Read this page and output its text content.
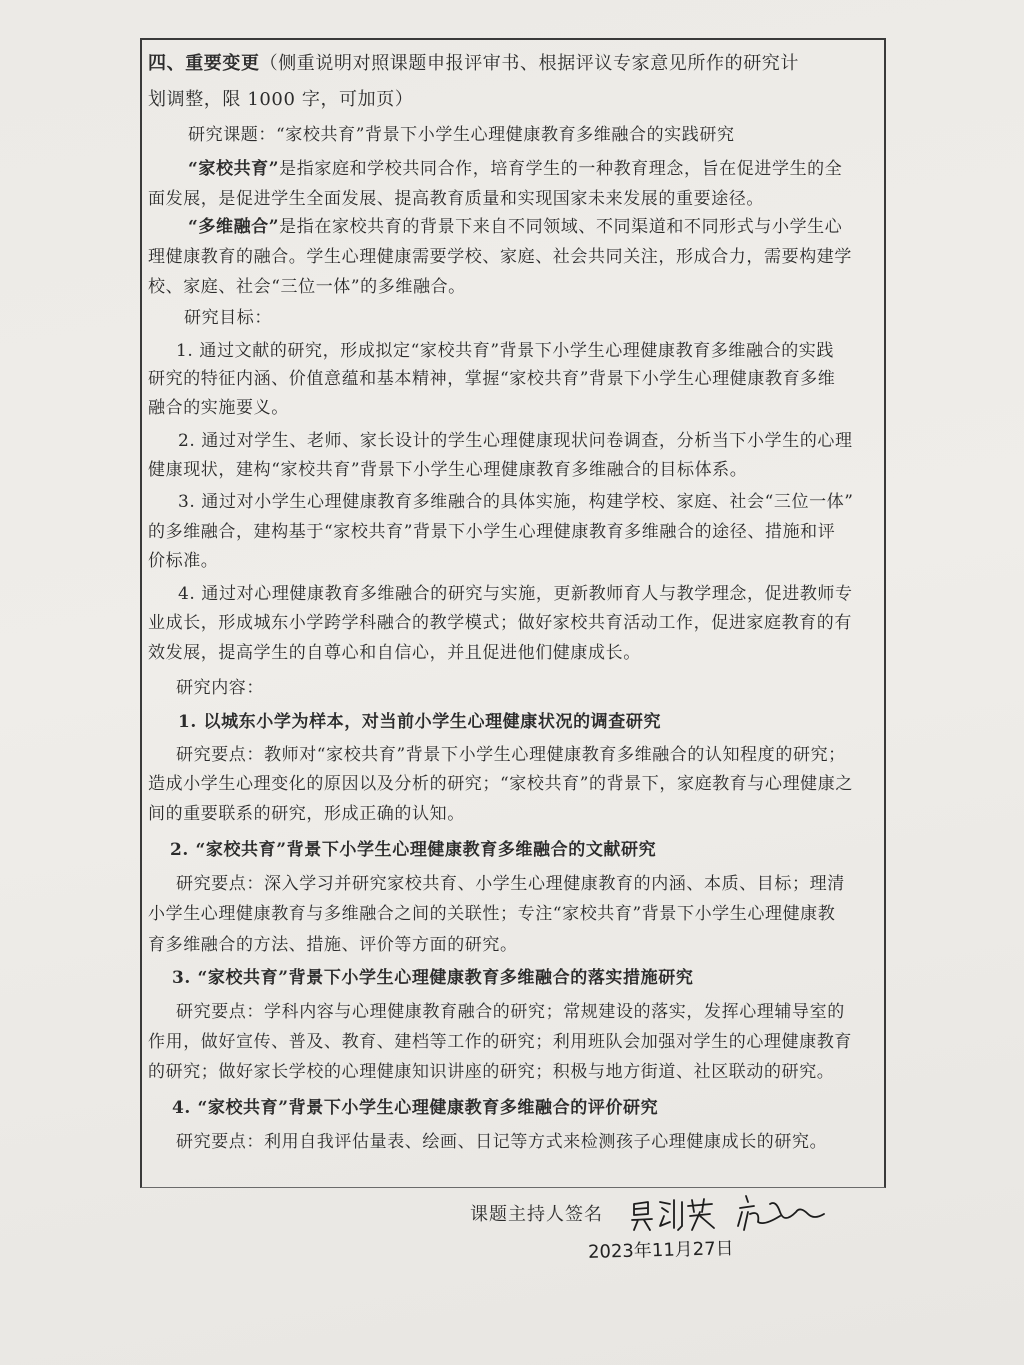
四、重要变更（侧重说明对照课题申报评审书、根据评议专家意见所作的研究计
划调整，限 1000 字，可加页）
研究课题：“家校共育”背景下小学生心理健康教育多维融合的实践研究
“家校共育”是指家庭和学校共同合作，培育学生的一种教育理念，旨在促进学生的全
面发展，是促进学生全面发展、提高教育质量和实现国家未来发展的重要途径。
“多维融合”是指在家校共育的背景下来自不同领域、不同渠道和不同形式与小学生心
理健康教育的融合。学生心理健康需要学校、家庭、社会共同关注，形成合力，需要构建学
校、家庭、社会“三位一体”的多维融合。
研究目标：
1. 通过文献的研究，形成拟定“家校共育”背景下小学生心理健康教育多维融合的实践
研究的特征内涵、价值意蕴和基本精神，掌握“家校共育”背景下小学生心理健康教育多维
融合的实施要义。
2. 通过对学生、老师、家长设计的学生心理健康现状问卷调查，分析当下小学生的心理
健康现状，建构“家校共育”背景下小学生心理健康教育多维融合的目标体系。
3. 通过对小学生心理健康教育多维融合的具体实施，构建学校、家庭、社会“三位一体”
的多维融合，建构基于“家校共育”背景下小学生心理健康教育多维融合的途径、措施和评
价标准。
4. 通过对心理健康教育多维融合的研究与实施，更新教师育人与教学理念，促进教师专
业成长，形成城东小学跨学科融合的教学模式；做好家校共育活动工作，促进家庭教育的有
效发展，提高学生的自尊心和自信心，并且促进他们健康成长。
研究内容：
1. 以城东小学为样本，对当前小学生心理健康状况的调查研究
研究要点：教师对“家校共育”背景下小学生心理健康教育多维融合的认知程度的研究；
造成小学生心理变化的原因以及分析的研究；“家校共育”的背景下，家庭教育与心理健康之
间的重要联系的研究，形成正确的认知。
2. “家校共育”背景下小学生心理健康教育多维融合的文献研究
研究要点：深入学习并研究家校共育、小学生心理健康教育的内涵、本质、目标；理清
小学生心理健康教育与多维融合之间的关联性；专注“家校共育”背景下小学生心理健康教
育多维融合的方法、措施、评价等方面的研究。
3. “家校共育”背景下小学生心理健康教育多维融合的落实措施研究
研究要点：学科内容与心理健康教育融合的研究；常规建设的落实，发挥心理辅导室的
作用，做好宣传、普及、教育、建档等工作的研究；利用班队会加强对学生的心理健康教育
的研究；做好家长学校的心理健康知识讲座的研究；积极与地方街道、社区联动的研究。
4. “家校共育”背景下小学生心理健康教育多维融合的评价研究
研究要点：利用自我评估量表、绘画、日记等方式来检测孩子心理健康成长的研究。
课题主持人签名
2023年11月27日
